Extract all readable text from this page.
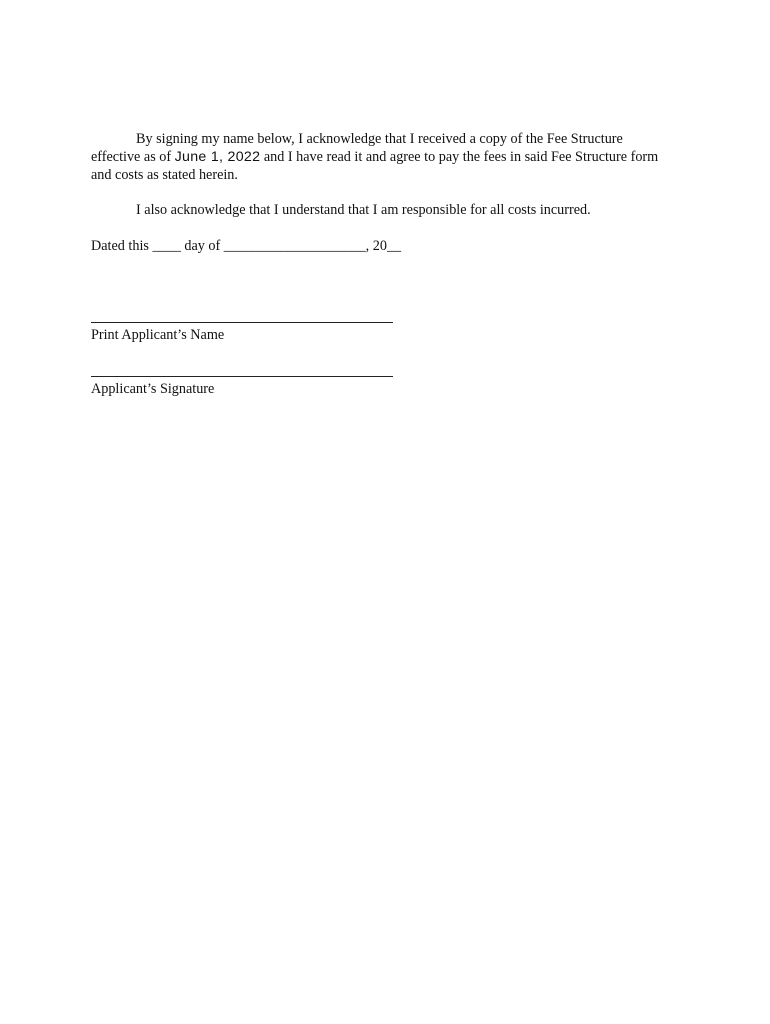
By signing my name below, I acknowledge that I received a copy of the Fee Structure effective as of June 1, 2022 and I have read it and agree to pay the fees in said Fee Structure form and costs as stated herein.

I also acknowledge that I understand that I am responsible for all costs incurred.

Dated this ____ day of ____________________, 20__

Print Applicant’s Name
Applicant’s Signature
